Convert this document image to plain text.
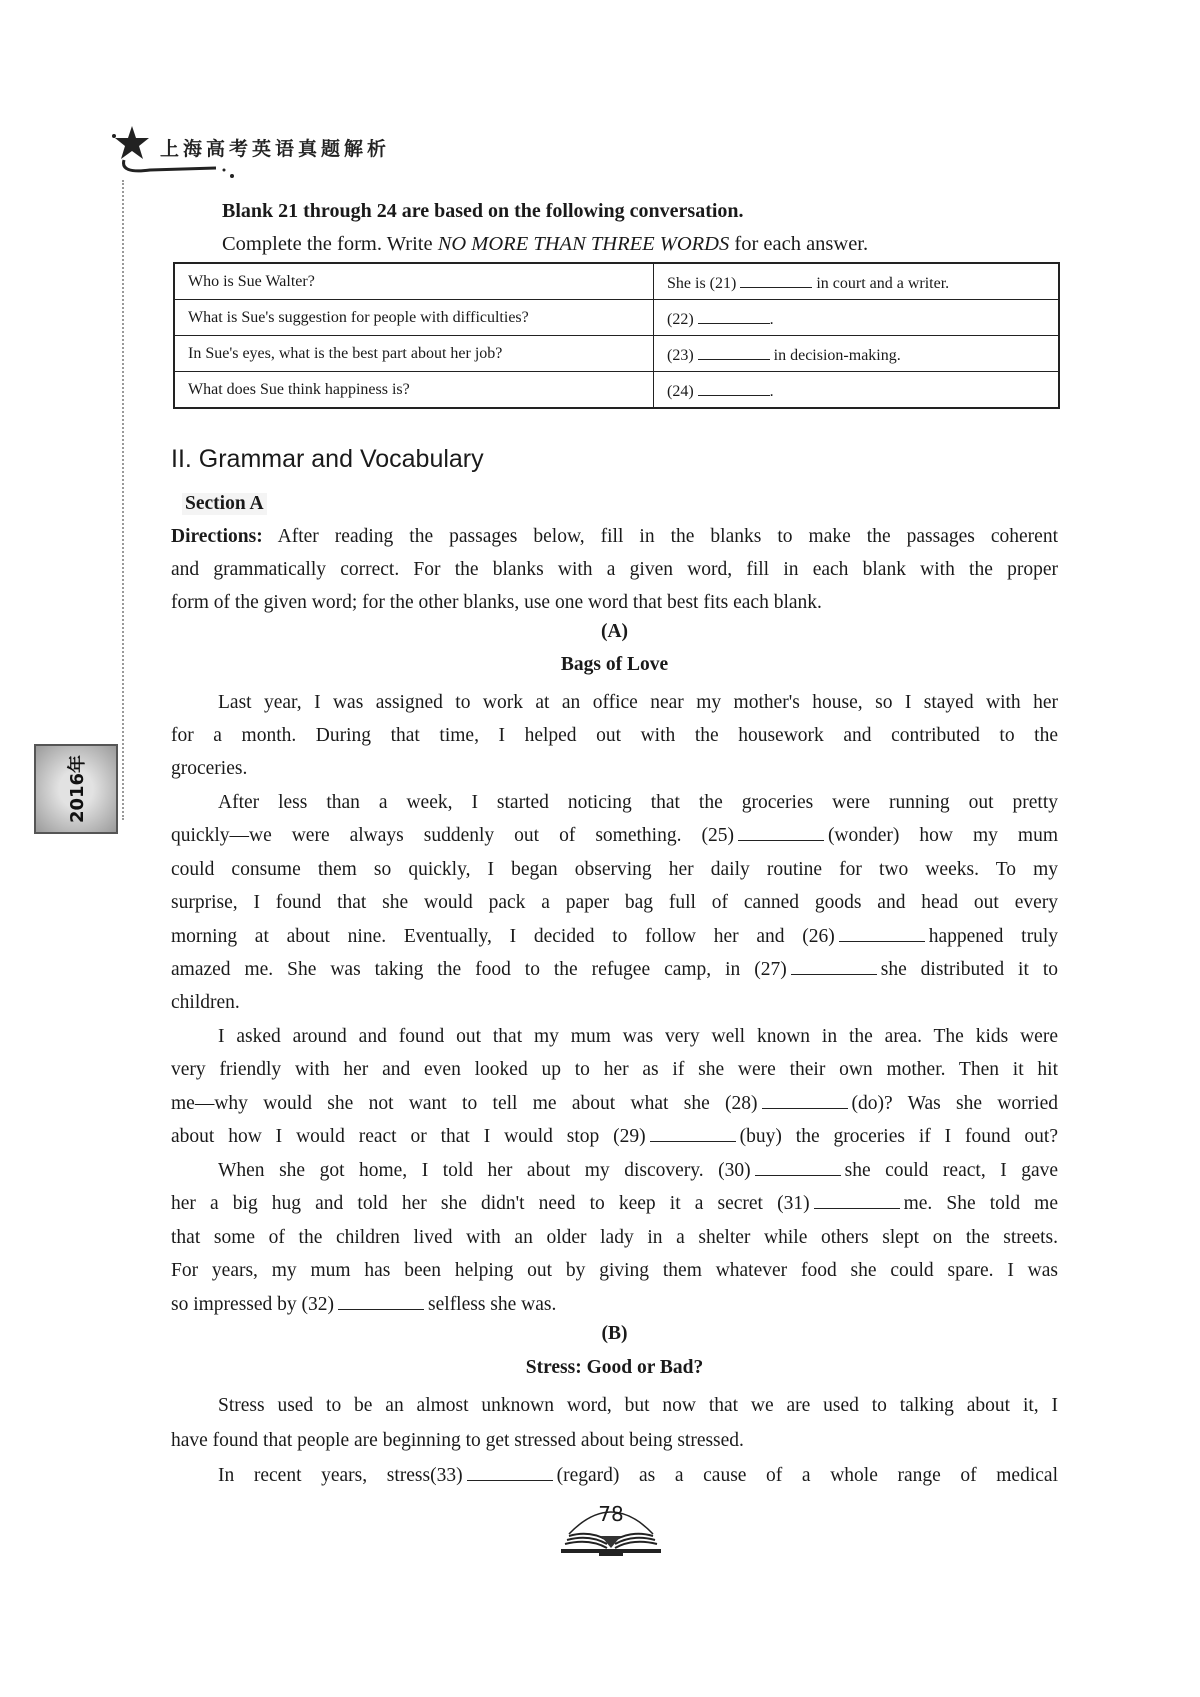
上海高考英语真题解析
2016年
Blank 21 through 24 are based on the following conversation.
Complete the form. Write NO MORE THAN THREE WORDS for each answer.
Who is Sue Walter?	She is (21) in court and a writer.
What is Sue's suggestion for people with difficulties?	(22) .
In Sue's eyes, what is the best part about her job?	(23) in decision-making.
What does Sue think happiness is?	(24) .
II. Grammar and Vocabulary
Section A
Directions: After reading the passages below, fill in the blanks to make the passages coherent
and grammatically correct. For the blanks with a given word, fill in each blank with the proper
form of the given word; for the other blanks, use one word that best fits each blank.
(A)
Bags of Love
Last year, I was assigned to work at an office near my mother's house, so I stayed with her
for a month. During that time, I helped out with the housework and contributed to the
groceries.
After less than a week, I started noticing that the groceries were running out pretty
quickly—we were always suddenly out of something. (25)	(wonder) how my mum
could consume them so quickly, I began observing her daily routine for two weeks. To my
surprise, I found that she would pack a paper bag full of canned goods and head out every
morning at about nine. Eventually, I decided to follow her and (26)	happened truly
amazed me. She was taking the food to the refugee camp, in (27)	she distributed it to
children.
I asked around and found out that my mum was very well known in the area. The kids were
very friendly with her and even looked up to her as if she were their own mother. Then it hit
me—why would she not want to tell me about what she (28)	(do)? Was she worried
about how I would react or that I would stop (29)	(buy) the groceries if I found out?
When she got home, I told her about my discovery. (30)	she could react, I gave
her a big hug and told her she didn't need to keep it a secret (31)	me. She told me
that some of the children lived with an older lady in a shelter while others slept on the streets.
For years, my mum has been helping out by giving them whatever food she could spare. I was
so impressed by (32)	selfless she was.
(B)
Stress: Good or Bad?
Stress used to be an almost unknown word, but now that we are used to talking about it, I
have found that people are beginning to get stressed about being stressed.
In recent years, stress(33)	(regard) as a cause of a whole range of medical
78
